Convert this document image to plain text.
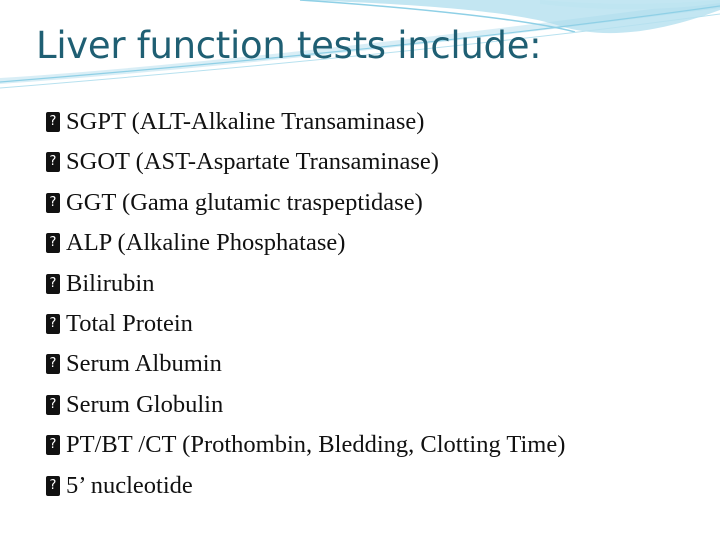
Liver function tests include:
? SGPT (ALT-Alkaline Transaminase)
? SGOT (AST-Aspartate Transaminase)
? GGT (Gama glutamic traspeptidase)
? ALP (Alkaline Phosphatase)
? Bilirubin
? Total Protein
? Serum Albumin
? Serum Globulin
? PT/BT /CT (Prothombin, Bledding, Clotting Time)
? 5’ nucleotide
